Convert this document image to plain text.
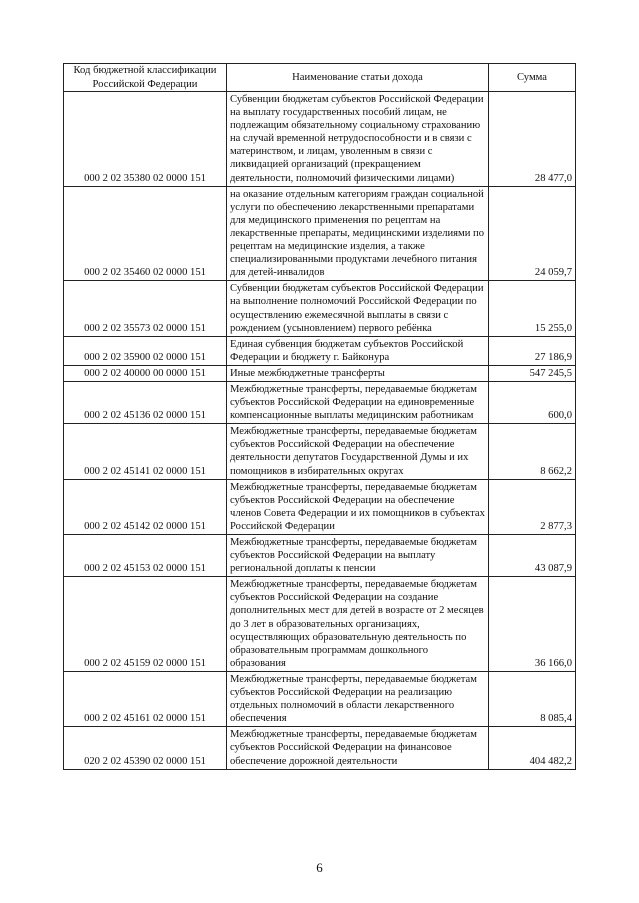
Код бюджетной классификации Российской Федерации	Наименование статьи дохода	Сумма
000 2 02 35380 02 0000 151	Субвенции бюджетам субъектов Российской Федерации на выплату государственных пособий лицам, не подлежащим обязательному социальному страхованию на случай временной нетрудоспособности и в связи с материнством, и лицам, уволенным в связи с ликвидацией организаций (прекращением деятельности, полномочий физическими лицами)	28 477,0
000 2 02 35460 02 0000 151	на оказание отдельным категориям граждан социальной услуги по обеспечению лекарственными препаратами для медицинского применения по рецептам на лекарственные препараты, медицинскими изделиями по рецептам на медицинские изделия, а также специализированными продуктами лечебного питания для детей-инвалидов	24 059,7
000 2 02 35573 02 0000 151	Субвенции бюджетам субъектов Российской Федерации на выполнение полномочий Российской Федерации по осуществлению ежемесячной выплаты в связи с рождением (усыновлением) первого ребёнка	15 255,0
000 2 02 35900 02 0000 151	Единая субвенция бюджетам субъектов Российской Федерации и бюджету г. Байконура	27 186,9
000 2 02 40000 00 0000 151	Иные межбюджетные трансферты	547 245,5
000 2 02 45136 02 0000 151	Межбюджетные трансферты, передаваемые бюджетам субъектов Российской Федерации на единовременные компенсационные выплаты медицинским работникам	600,0
000 2 02 45141 02 0000 151	Межбюджетные трансферты, передаваемые бюджетам субъектов Российской Федерации на обеспечение деятельности депутатов Государственной Думы и их помощников в избирательных округах	8 662,2
000 2 02 45142 02 0000 151	Межбюджетные трансферты, передаваемые бюджетам субъектов Российской Федерации на обеспечение членов Совета Федерации и их помощников в субъектах Российской Федерации	2 877,3
000 2 02 45153 02 0000 151	Межбюджетные трансферты, передаваемые бюджетам субъектов Российской Федерации на выплату региональной доплаты к пенсии	43 087,9
000 2 02 45159 02 0000 151	Межбюджетные трансферты, передаваемые бюджетам субъектов Российской Федерации на создание дополнительных мест для детей в возрасте от 2 месяцев до 3 лет в образовательных организациях, осуществляющих образовательную деятельность по образовательным программам дошкольного образования	36 166,0
000 2 02 45161 02 0000 151	Межбюджетные трансферты, передаваемые бюджетам субъектов Российской Федерации на реализацию отдельных полномочий в области лекарственного обеспечения	8 085,4
020 2 02 45390 02 0000 151	Межбюджетные трансферты, передаваемые бюджетам субъектов Российской Федерации на финансовое обеспечение дорожной деятельности	404 482,2
6
